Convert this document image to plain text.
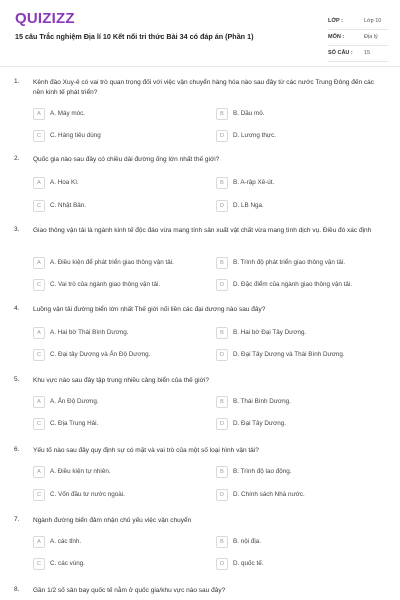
QUIZIZZ
15 câu Trắc nghiệm Địa lí 10 Kết nối tri thức Bài 34 có đáp án (Phần 1)
LỚP :	Lớp 10
MÔN :	Địa lý
SỐ CÂU : 15
1. Kênh đào Xuy-ê có vai trò quan trọng đối với việc vận chuyển hàng hóa nào sau đây từ các nước Trung Đông đến các nền kinh tế phát triển?
A	A. Máy móc.	B	B. Dầu mỏ.
C	C. Hàng tiêu dùng	D	D. Lương thực.
2. Quốc gia nào sau đây có chiều dài đường ống lớn nhất thế giới?
A	A. Hoa Kì.	B	B. A-rập Xê-út.
C	C. Nhật Bản.	D	D. LB Nga.
3. Giao thông vận tải là ngành kinh tế độc đáo vừa mang tính sản xuất vật chất vừa mang tính dịch vụ. Điều đó xác định
A	A. Điều kiện để phát triển giao thông vận tải.	B	B. Trình độ phát triển giao thông vận tải.
C	C. Vai trò của ngành giao thông vận tải.	D	D. Đặc điểm của ngành giao thông vận tải.
4. Luồng vận tải đường biển lớn nhất Thế giới nối liền các đại dương nào sau đây?
A	A. Hai bờ Thái Bình Dương.	B	B. Hai bờ Đại Tây Dương.
C	C. Đại tây Dương và Ấn Độ Dương.	D	D. Đại Tây Dương và Thái Bình Dương.
5. Khu vực nào sau đây tập trung nhiều cảng biển của thế giới?
A	A. Ấn Độ Dương.	B	B. Thái Bình Dương.
C	C. Địa Trung Hải.	D	D. Đại Tây Dương.
6. Yếu tố nào sau đây quy định sự có mặt và vai trò của một số loại hình vận tải?
A	A. Điều kiện tự nhiên.	B	B. Trình độ lao động.
C	C. Vốn đầu tư nước ngoài.	D	D. Chính sách Nhà nước.
7. Ngành đường biển đảm nhận chủ yếu việc vận chuyển
A	A. các tỉnh.	B	B. nội địa.
C	C. các vùng.	D	D. quốc tế.
8. Gần 1/2 số sân bay quốc tế nằm ở quốc gia/khu vực nào sau đây?
